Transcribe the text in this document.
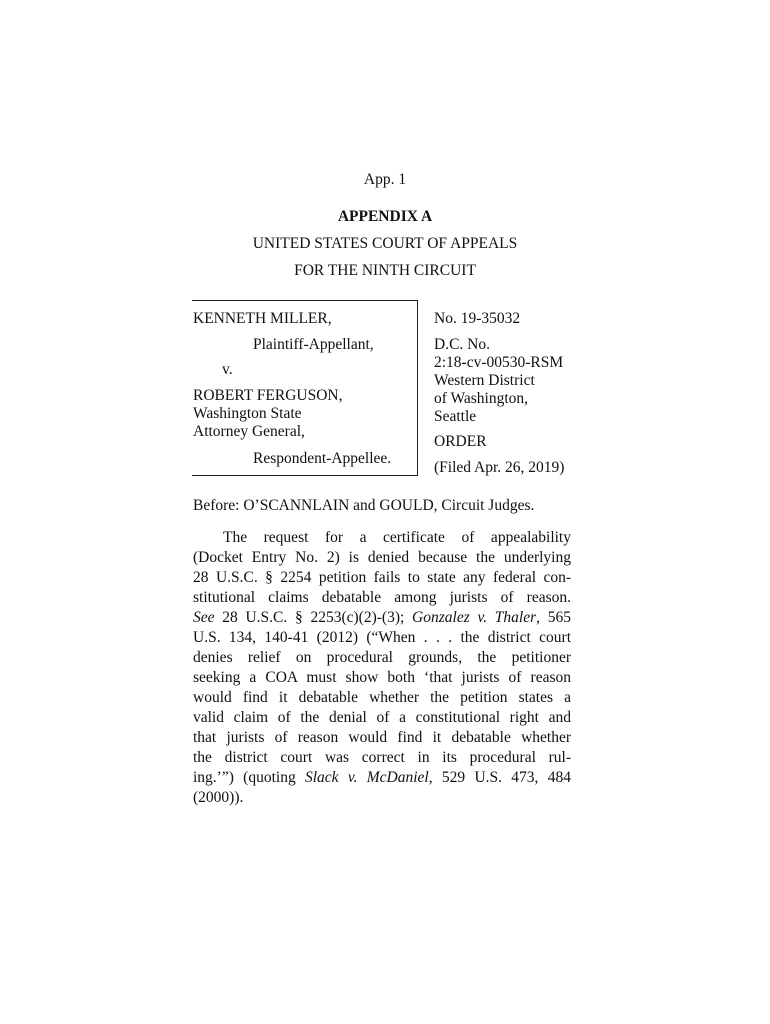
App. 1
APPENDIX A
UNITED STATES COURT OF APPEALS
FOR THE NINTH CIRCUIT
KENNETH MILLER,
Plaintiff-Appellant,
v.
ROBERT FERGUSON,
Washington State
Attorney General,
Respondent-Appellee.
No. 19-35032
D.C. No.
2:18-cv-00530-RSM
Western District
of Washington,
Seattle
ORDER
(Filed Apr. 26, 2019)
Before: O’SCANNLAIN and GOULD, Circuit Judges.
The request for a certificate of appealability
(Docket Entry No. 2) is denied because the underlying
28 U.S.C. § 2254 petition fails to state any federal con-
stitutional claims debatable among jurists of reason.
See 28 U.S.C. § 2253(c)(2)-(3); Gonzalez v. Thaler, 565
U.S. 134, 140-41 (2012) (“When . . . the district court
denies relief on procedural grounds, the petitioner
seeking a COA must show both ‘that jurists of reason
would find it debatable whether the petition states a
valid claim of the denial of a constitutional right and
that jurists of reason would find it debatable whether
the district court was correct in its procedural rul-
ing.’”) (quoting Slack v. McDaniel, 529 U.S. 473, 484
(2000)).
